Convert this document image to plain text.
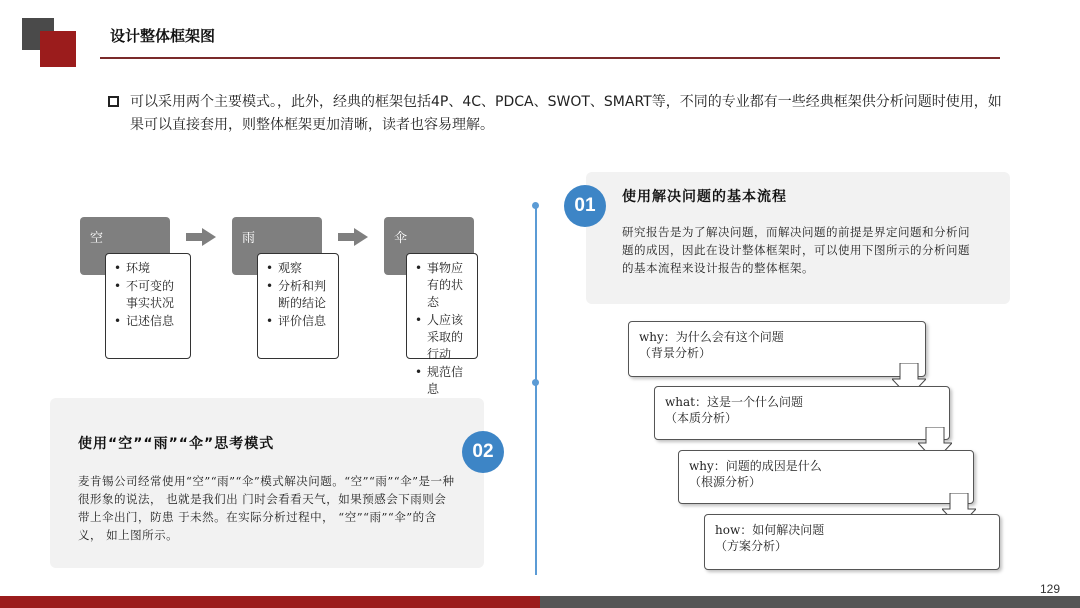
设计整体框架图
可以采用两个主要模式。，此外，经典的框架包括4P、4C、PDCA、SWOT、SMART等，不同的专业都有一些经典框架供分析问题时使用，如果可以直接套用，则整体框架更加清晰，读者也容易理解。
01	使用解决问题的基本流程
研究报告是为了解决问题，而解决问题的前提是界定问题和分析问题的成因，因此在设计整体框架时，可以使用下图所示的分析问题的基本流程来设计报告的整体框架。
02
使用“空”“雨”“伞”思考模式
麦肯锡公司经常使用“空”“雨”“伞”模式解决问题。“空”“雨”“伞”是一种很形象的说法， 也就是我们出 门时会看看天气，如果预感会下雨则会带上伞出门，防患 于未然。在实际分析过程中， “空”“雨”“伞”的含义， 如上图所示。
空
• 环境
• 不可变的事实状况
• 记述信息
雨
• 观察
• 分析和判断的结论
• 评价信息
伞
• 事物应有的状态
• 人应该采取的行动
• 规范信息
why：为什么会有这个问题
（背景分析）
what：这是一个什么问题
（本质分析）
why：问题的成因是什么
（根源分析）
how：如何解决问题
（方案分析）
129
